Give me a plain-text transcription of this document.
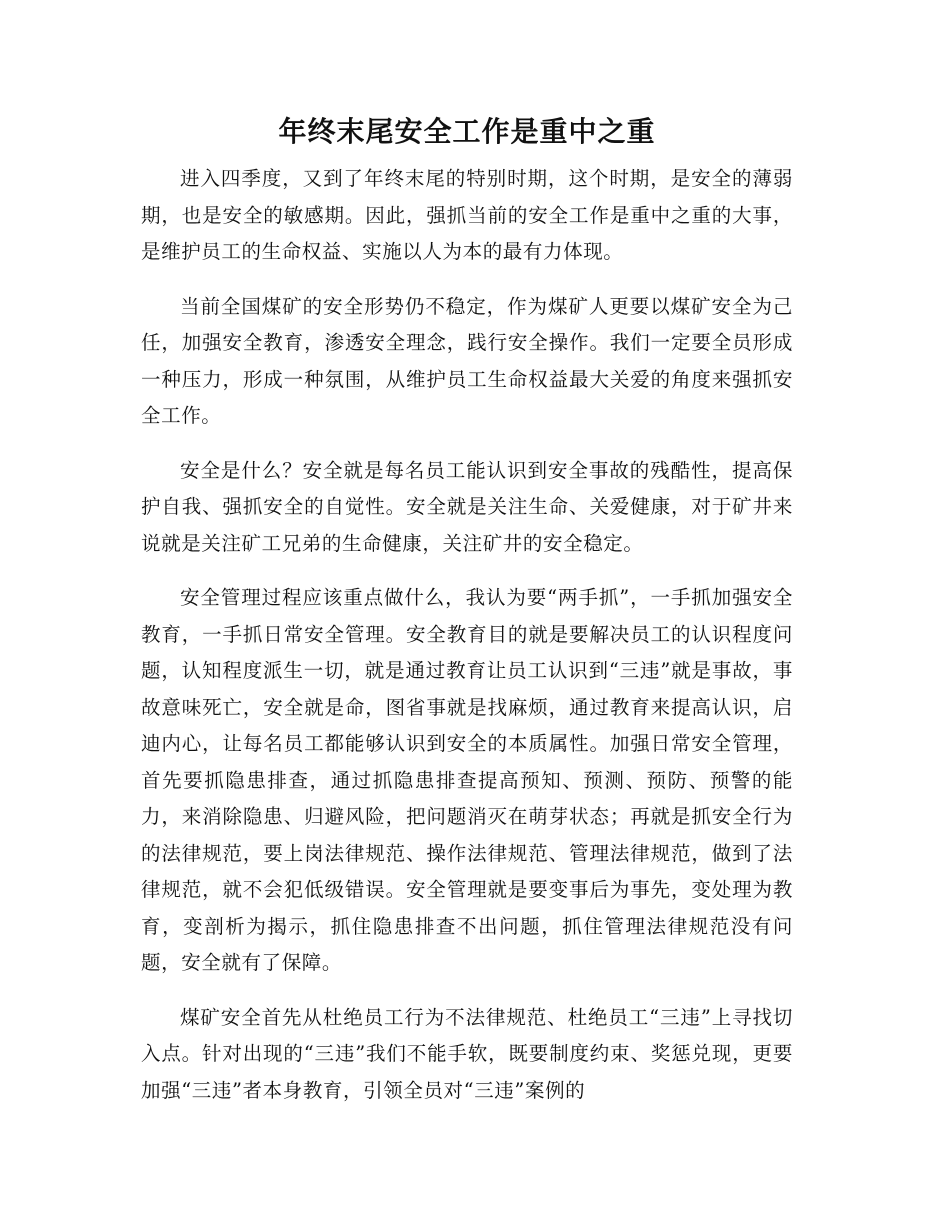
年终末尾安全工作是重中之重

进入四季度，又到了年终末尾的特别时期，这个时期，是安全的薄弱期，也是安全的敏感期。因此，强抓当前的安全工作是重中之重的大事，是维护员工的生命权益、实施以人为本的最有力体现。

当前全国煤矿的安全形势仍不稳定，作为煤矿人更要以煤矿安全为己任，加强安全教育，渗透安全理念，践行安全操作。我们一定要全员形成一种压力，形成一种氛围，从维护员工生命权益最大关爱的角度来强抓安全工作。

安全是什么？安全就是每名员工能认识到安全事故的残酷性，提高保护自我、强抓安全的自觉性。安全就是关注生命、关爱健康，对于矿井来说就是关注矿工兄弟的生命健康，关注矿井的安全稳定。

安全管理过程应该重点做什么，我认为要“两手抓”，一手抓加强安全教育，一手抓日常安全管理。安全教育目的就是要解决员工的认识程度问题，认知程度派生一切，就是通过教育让员工认识到“三违”就是事故，事故意味死亡，安全就是命，图省事就是找麻烦，通过教育来提高认识，启迪内心，让每名员工都能够认识到安全的本质属性。加强日常安全管理，首先要抓隐患排查，通过抓隐患排查提高预知、预测、预防、预警的能力，来消除隐患、归避风险，把问题消灭在萌芽状态；再就是抓安全行为的法律规范，要上岗法律规范、操作法律规范、管理法律规范，做到了法律规范，就不会犯低级错误。安全管理就是要变事后为事先，变处理为教育，变剖析为揭示，抓住隐患排查不出问题，抓住管理法律规范没有问题，安全就有了保障。

煤矿安全首先从杜绝员工行为不法律规范、杜绝员工“三违”上寻找切入点。针对出现的“三违”我们不能手软，既要制度约束、奖惩兑现，更要加强“三违”者本身教育，引领全员对“三违”案例的
